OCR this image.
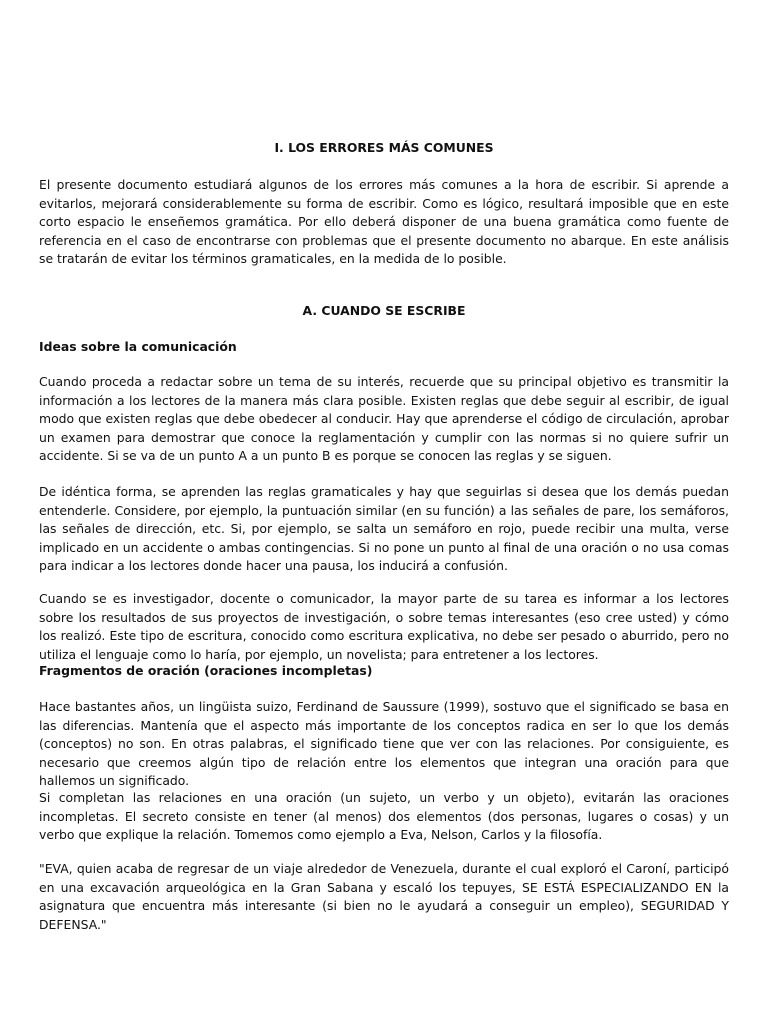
I. LOS ERRORES MÁS COMUNES
El presente documento estudiará algunos de los errores más comunes a la hora de escribir. Si aprende a evitarlos, mejorará considerablemente su forma de escribir. Como es lógico, resultará imposible que en este corto espacio le enseñemos gramática. Por ello deberá disponer de una buena gramática como fuente de referencia en el caso de encontrarse con problemas que el presente documento no abarque. En este análisis se tratarán de evitar los términos gramaticales, en la medida de lo posible.
A. CUANDO SE ESCRIBE
Ideas sobre la comunicación
Cuando proceda a redactar sobre un tema de su interés, recuerde que su principal objetivo es transmitir la información a los lectores de la manera más clara posible. Existen reglas que debe seguir al escribir, de igual modo que existen reglas que debe obedecer al conducir. Hay que aprenderse el código de circulación, aprobar un examen para demostrar que conoce la reglamentación y cumplir con las normas si no quiere sufrir un accidente. Si se va de un punto A a un punto B es porque se conocen las reglas y se siguen.
De idéntica forma, se aprenden las reglas gramaticales y hay que seguirlas si desea que los demás puedan entenderle. Considere, por ejemplo, la puntuación similar (en su función) a las señales de pare, los semáforos, las señales de dirección, etc. Si, por ejemplo, se salta un semáforo en rojo, puede recibir una multa, verse implicado en un accidente o ambas contingencias. Si no pone un punto al final de una oración o no usa comas para indicar a los lectores donde hacer una pausa, los inducirá a confusión.
Cuando se es investigador, docente o comunicador, la mayor parte de su tarea es informar a los lectores sobre los resultados de sus proyectos de investigación, o sobre temas interesantes (eso cree usted) y cómo los realizó. Este tipo de escritura, conocido como escritura explicativa, no debe ser pesado o aburrido, pero no utiliza el lenguaje como lo haría, por ejemplo, un novelista; para entretener a los lectores.
Fragmentos de oración (oraciones incompletas)
Hace bastantes años, un lingüista suizo, Ferdinand de Saussure (1999), sostuvo que el significado se basa en las diferencias. Mantenía que el aspecto más importante de los conceptos radica en ser lo que los demás (conceptos) no son. En otras palabras, el significado tiene que ver con las relaciones. Por consiguiente, es necesario que creemos algún tipo de relación entre los elementos que integran una oración para que hallemos un significado.
Si completan las relaciones en una oración (un sujeto, un verbo y un objeto), evitarán las oraciones incompletas. El secreto consiste en tener (al menos) dos elementos (dos personas, lugares o cosas) y un verbo que explique la relación. Tomemos como ejemplo a Eva, Nelson, Carlos y la filosofía.
"EVA, quien acaba de regresar de un viaje alrededor de Venezuela, durante el cual exploró el Caroní, participó en una excavación arqueológica en la Gran Sabana y escaló los tepuyes, SE ESTÁ ESPECIALIZANDO EN la asignatura que encuentra más interesante (si bien no le ayudará a conseguir un empleo), SEGURIDAD Y DEFENSA."
